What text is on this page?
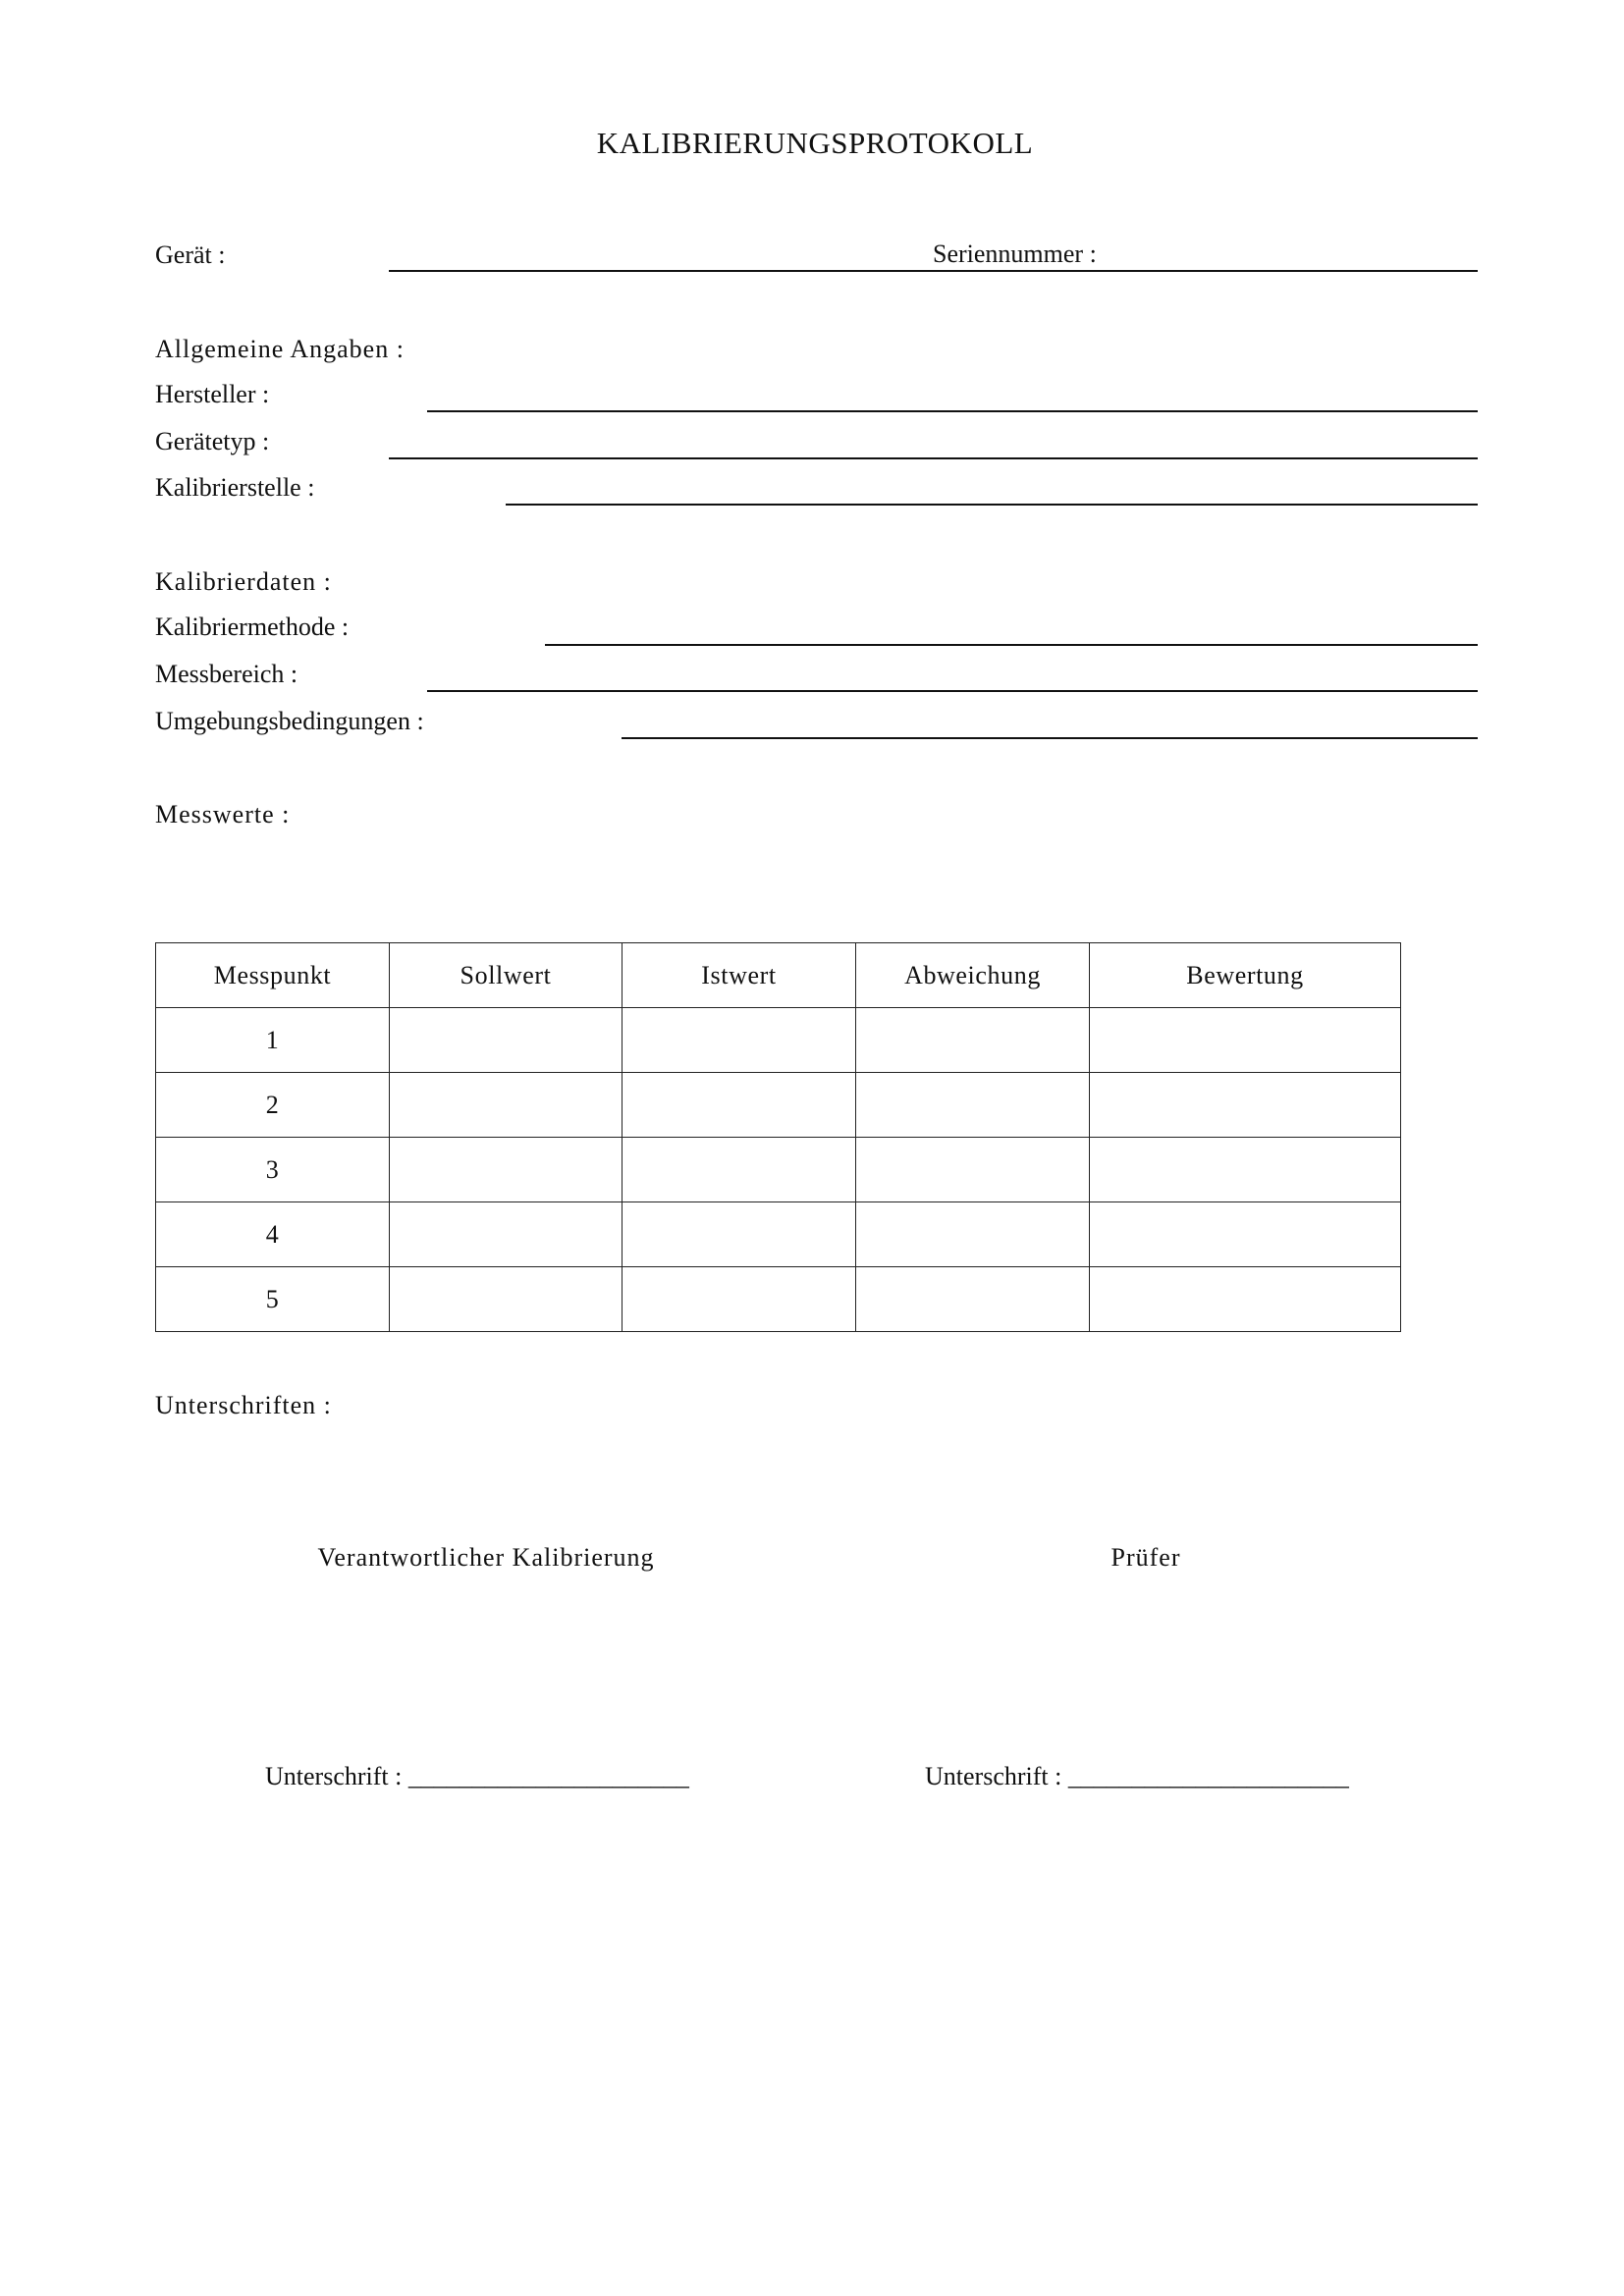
KALIBRIERUNGSPROTOKOLL
Gerät :	Seriennummer :
Allgemeine Angaben :
Hersteller :
Gerätetyp :
Kalibrierstelle :
Kalibrierdaten :
Kalibriermethode :
Messbereich :
Umgebungsbedingungen :
Messwerte :
Messpunkt	Sollwert	Istwert	Abweichung	Bewertung
1				
2				
3				
4				
5				
Unterschriften :
Verantwortlicher Kalibrierung	Prüfer
Unterschrift : ______________________	Unterschrift : ______________________
